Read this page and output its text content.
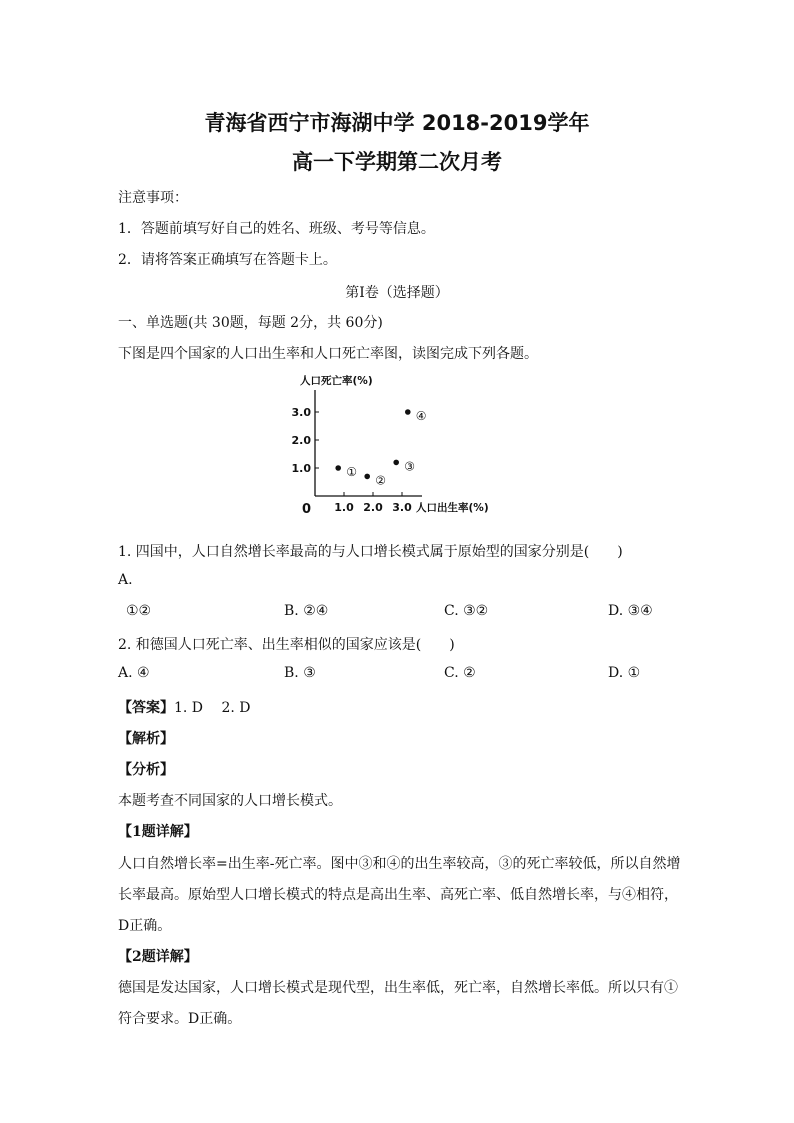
青海省西宁市海湖中学 2018-2019学年
高一下学期第二次月考
注意事项：
1．答题前填写好自己的姓名、班级、考号等信息。
2．请将答案正确填写在答题卡上。
第I卷（选择题）
一、单选题(共 30题，每题 2分，共 60分)
下图是四个国家的人口出生率和人口死亡率图，读图完成下列各题。
人口死亡率(%)
人口出生率(%)
0
1.0
2.0
3.0
1.0 2.0 3.0
①
②
③
④
1. 四国中，人口自然增长率最高的与人口增长模式属于原始型的国家分别是(　　)
A.
①②	B. ②④	C. ③②	D. ③④
2. 和德国人口死亡率、出生率相似的国家应该是(　　)
A. ④	B. ③	C. ②	D. ①
【答案】1. D　 2. D
【解析】
【分析】
本题考查不同国家的人口增长模式。
【1题详解】
人口自然增长率=出生率-死亡率。图中③和④的出生率较高，③的死亡率较低，所以自然增
长率最高。原始型人口增长模式的特点是高出生率、高死亡率、低自然增长率，与④相符，
D正确。
【2题详解】
德国是发达国家，人口增长模式是现代型，出生率低，死亡率，自然增长率低。所以只有①
符合要求。D正确。
